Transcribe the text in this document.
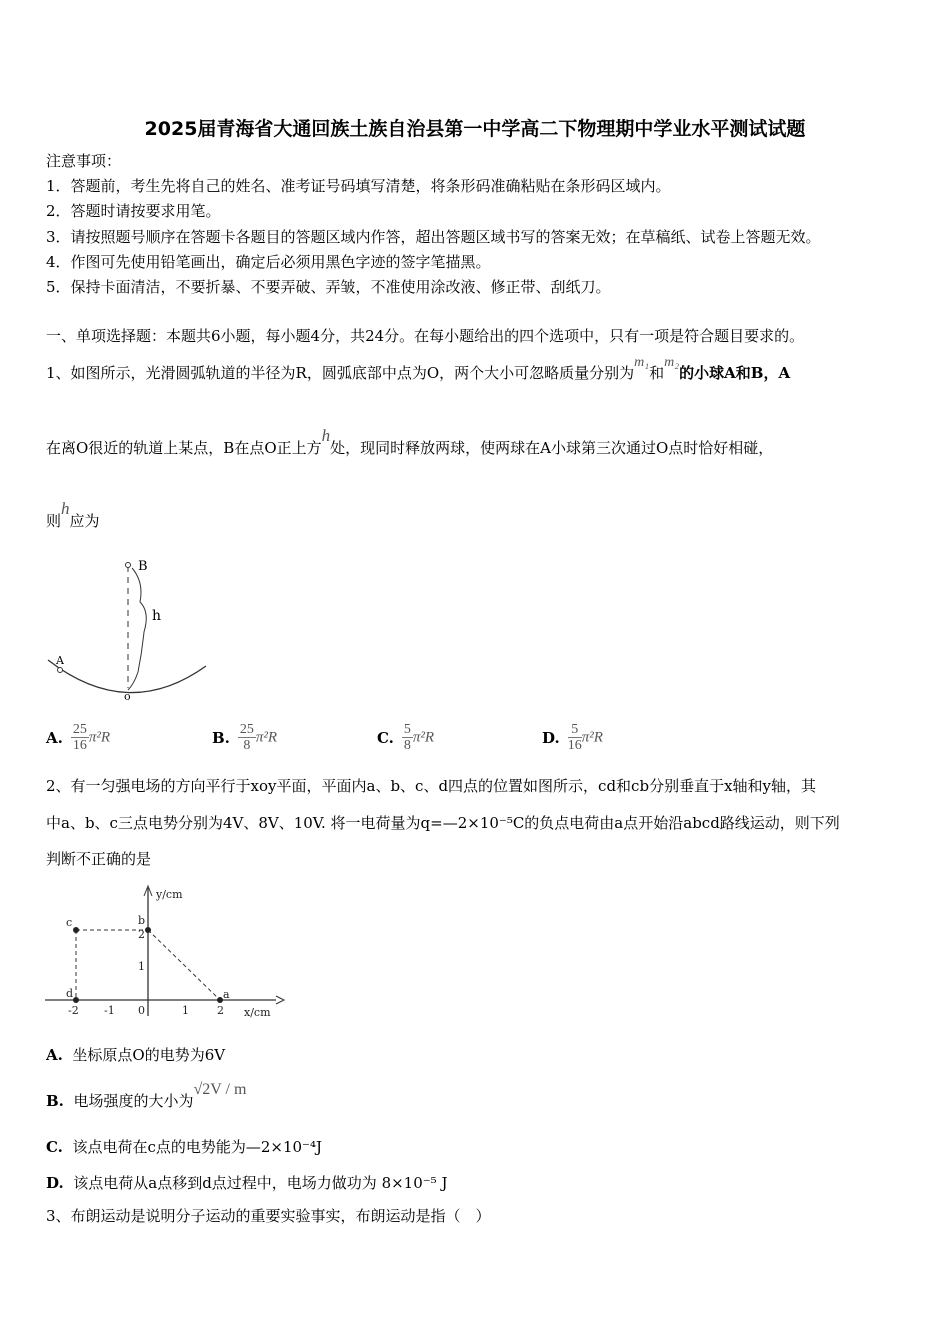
2025届青海省大通回族土族自治县第一中学高二下物理期中学业水平测试试题
注意事项：
1．答题前，考生先将自己的姓名、准考证号码填写清楚，将条形码准确粘贴在条形码区域内。
2．答题时请按要求用笔。
3．请按照题号顺序在答题卡各题目的答题区域内作答，超出答题区域书写的答案无效；在草稿纸、试卷上答题无效。
4．作图可先使用铅笔画出，确定后必须用黑色字迹的签字笔描黑。
5．保持卡面清洁，不要折暴、不要弄破、弄皱，不准使用涂改液、修正带、刮纸刀。
一、单项选择题：本题共6小题，每小题4分，共24分。在每小题给出的四个选项中，只有一项是符合题目要求的。
1、如图所示，光滑圆弧轨道的半径为R，圆弧底部中点为O，两个大小可忽略质量分别为m₁和m₂的小球A和B，A
在离O很近的轨道上某点，B在点O正上方h处，现同时释放两球，使两球在A小球第三次通过O点时恰好相碰，
则h应为
B
h
A
o
A. $\frac{25}{16} \pi^2R$	B. $\frac{25}{8} \pi^2R$	C. $\frac{5}{8} \pi^2R$	D. $\frac{5}{16} \pi^2R$
2、有一匀强电场的方向平行于xoy平面，平面内a、b、c、d四点的位置如图所示，cd和cb分别垂直于x轴和y轴，其
中a、b、c三点电势分别为4V、8V、10V. 将一电荷量为q=—2×10⁻⁵C的负点电荷由a点开始沿abcd路线运动，则下列
判断不正确的是
y/cm
x/cm
c	b
a
d
2
1
-2 -1 0	1	2
A. 坐标原点O的电势为6V
B. 电场强度的大小为√2V / m
C. 该点电荷在c点的电势能为—2×10⁻⁴J
D. 该点电荷从a点移到d点过程中，电场力做功为 8×10⁻⁵ J
3、布朗运动是说明分子运动的重要实验事实，布朗运动是指（　）
